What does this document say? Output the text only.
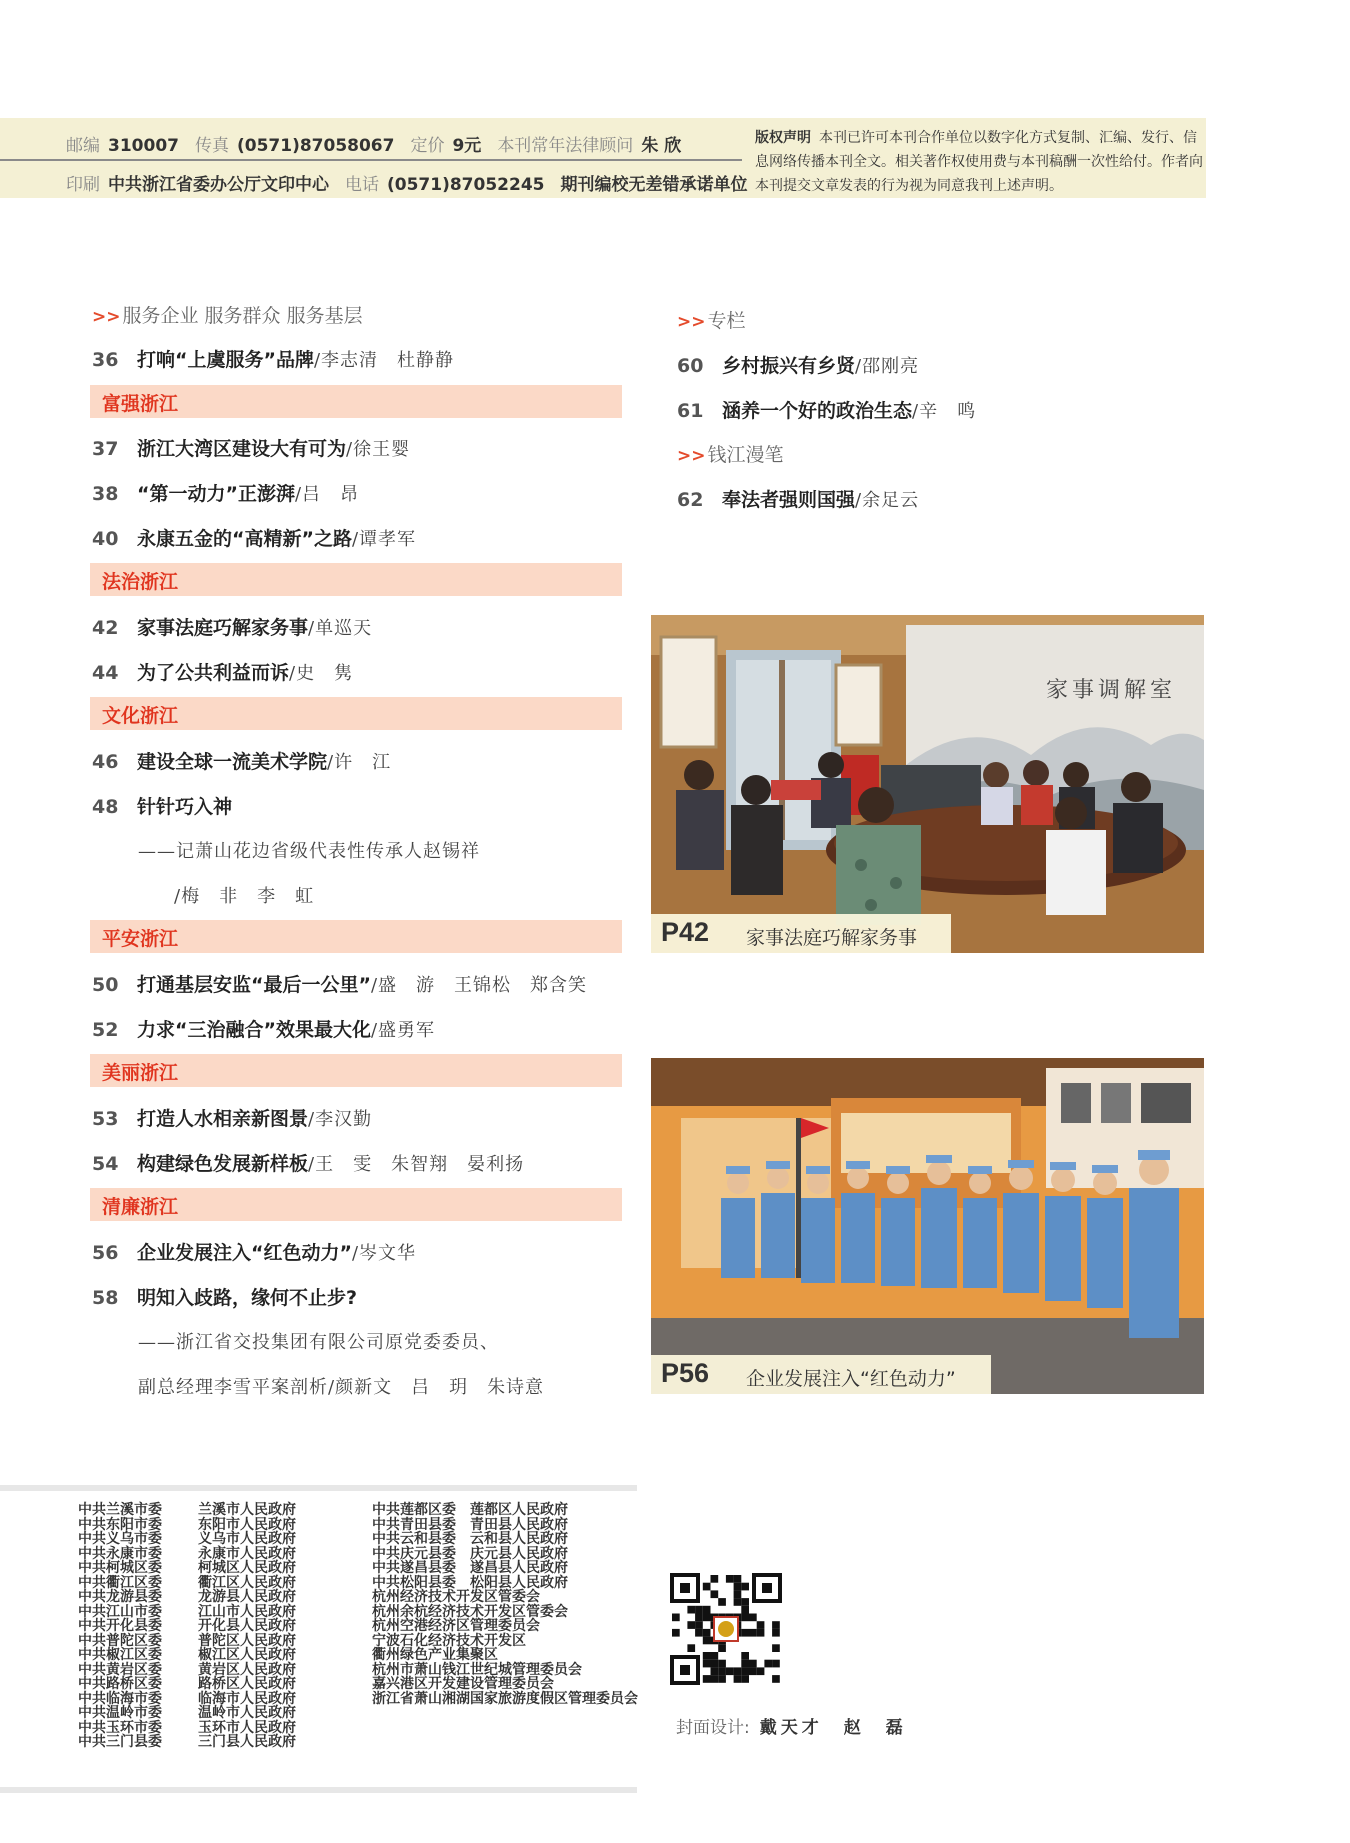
邮编 310007 传真 (0571)87058067 定价 9元 本刊常年法律顾问 朱 欣
印刷 中共浙江省委办公厅文印中心 电话 (0571)87052245 期刊编校无差错承诺单位
版权声明 本刊已许可本刊合作单位以数字化方式复制、汇编、发行、信息网络传播本刊全文。相关著作权使用费与本刊稿酬一次性给付。作者向本刊提交文章发表的行为视为同意我刊上述声明。
>> 服务企业 服务群众 服务基层
36 打响“上虞服务”品牌/李志清　杜静静
富强浙江
37 浙江大湾区建设大有可为/徐王婴
38 “第一动力”正澎湃/吕　昂
40 永康五金的“高精新”之路/谭孝军
法治浙江
42 家事法庭巧解家务事/单巡天
44 为了公共利益而诉/史　隽
文化浙江
46 建设全球一流美术学院/许　江
48 针针巧入神
——记萧山花边省级代表性传承人赵锡祥
/梅　非　李　虹
平安浙江
50 打通基层安监“最后一公里”/盛　游　王锦松　郑含笑
52 力求“三治融合”效果最大化/盛勇军
美丽浙江
53 打造人水相亲新图景/李汉勤
54 构建绿色发展新样板/王　雯　朱智翔　晏利扬
清廉浙江
56 企业发展注入“红色动力”/岑文华
58 明知入歧路，缘何不止步?
——浙江省交投集团有限公司原党委委员、
副总经理李雪平案剖析/颜新文　吕　玥　朱诗意
>> 专栏
60 乡村振兴有乡贤/邵刚亮
61 涵养一个好的政治生态/辛　鸣
>> 钱江漫笔
62 奉法者强则国强/余足云
家事调解室
P42 家事法庭巧解家务事
P56 企业发展注入“红色动力”
中共兰溪市委
中共东阳市委
中共义乌市委
中共永康市委
中共柯城区委
中共衢江区委
中共龙游县委
中共江山市委
中共开化县委
中共普陀区委
中共椒江区委
中共黄岩区委
中共路桥区委
中共临海市委
中共温岭市委
中共玉环市委
中共三门县委
兰溪市人民政府
东阳市人民政府
义乌市人民政府
永康市人民政府
柯城区人民政府
衢江区人民政府
龙游县人民政府
江山市人民政府
开化县人民政府
普陀区人民政府
椒江区人民政府
黄岩区人民政府
路桥区人民政府
临海市人民政府
温岭市人民政府
玉环市人民政府
三门县人民政府
中共莲都区委　莲都区人民政府
中共青田县委　青田县人民政府
中共云和县委　云和县人民政府
中共庆元县委　庆元县人民政府
中共遂昌县委　遂昌县人民政府
中共松阳县委　松阳县人民政府
杭州经济技术开发区管委会
杭州余杭经济技术开发区管委会
杭州空港经济区管理委员会
宁波石化经济技术开发区
衢州绿色产业集聚区
杭州市萧山钱江世纪城管理委员会
嘉兴港区开发建设管理委员会
浙江省萧山湘湖国家旅游度假区管理委员会
封面设计: 戴天才　赵　磊
